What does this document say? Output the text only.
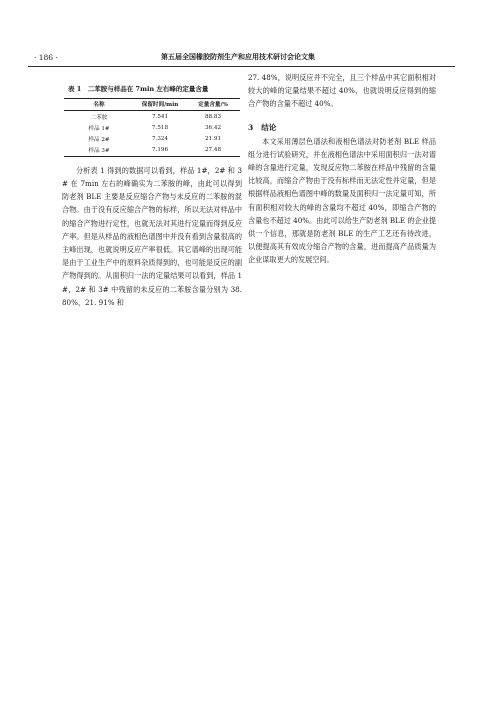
· 186 ·	第五届全国橡胶防剂生产和应用技术研讨会论文集
表 1　二苯胺与样品在 7min 左右峰的定量含量
名称	保留时间/min	定量含量/%
二苯胺	7.541	88.83
样品 1#	7.518	36.42
样品 2#	7.324	21.91
样品 3#	7.196	27.48

分析表 1 得到的数据可以看到，样品 1#，2# 和 3# 在 7min 左右的峰确实为二苯胺的峰，由此可以得到防老剂 BLE 主要是反应缩合产物与未反应的二苯胺的混合物。由于没有反应缩合产物的标样，所以无法对样品中的缩合产物进行定性，也就无法对其进行定量而得到反应产率。但是从样品的液相色谱图中并没有看到含量很高的主峰出现，也就说明反应产率很低。其它谱峰的出现可能是由于工业生产中的原料杂质得到的，也可能是反应的副产物得到的。从面积归一法的定量结果可以看到，样品 1#，2# 和 3# 中残留的未反应的二苯胺含量分别为 38. 80%，21. 91% 和

27. 48%，说明反应并不完全，且三个样品中其它面积相对较大的峰的定量结果不超过 40%，也就说明反应得到的缩合产物的含量不超过 40%。

3 结论

本文采用薄层色谱法和液相色谱法对防老剂 BLE 样品组分进行试验研究，并在液相色谱法中采用面积归一法对谱峰的含量进行定量，发现反应物二苯胺在样品中残留的含量比较高，而缩合产物由于没有标样而无法定性并定量，但是根据样品液相色谱图中峰的数量及面积归一法定量可知，所有面积相对较大的峰的含量均不超过 40%，即缩合产物的含量也不超过 40%。由此可以给生产防老剂 BLE 的企业提供一个信息，那就是防老剂 BLE 的生产工艺还有待改进，以便提高其有效成分缩合产物的含量，进而提高产品质量为企业谋取更大的发展空间。
